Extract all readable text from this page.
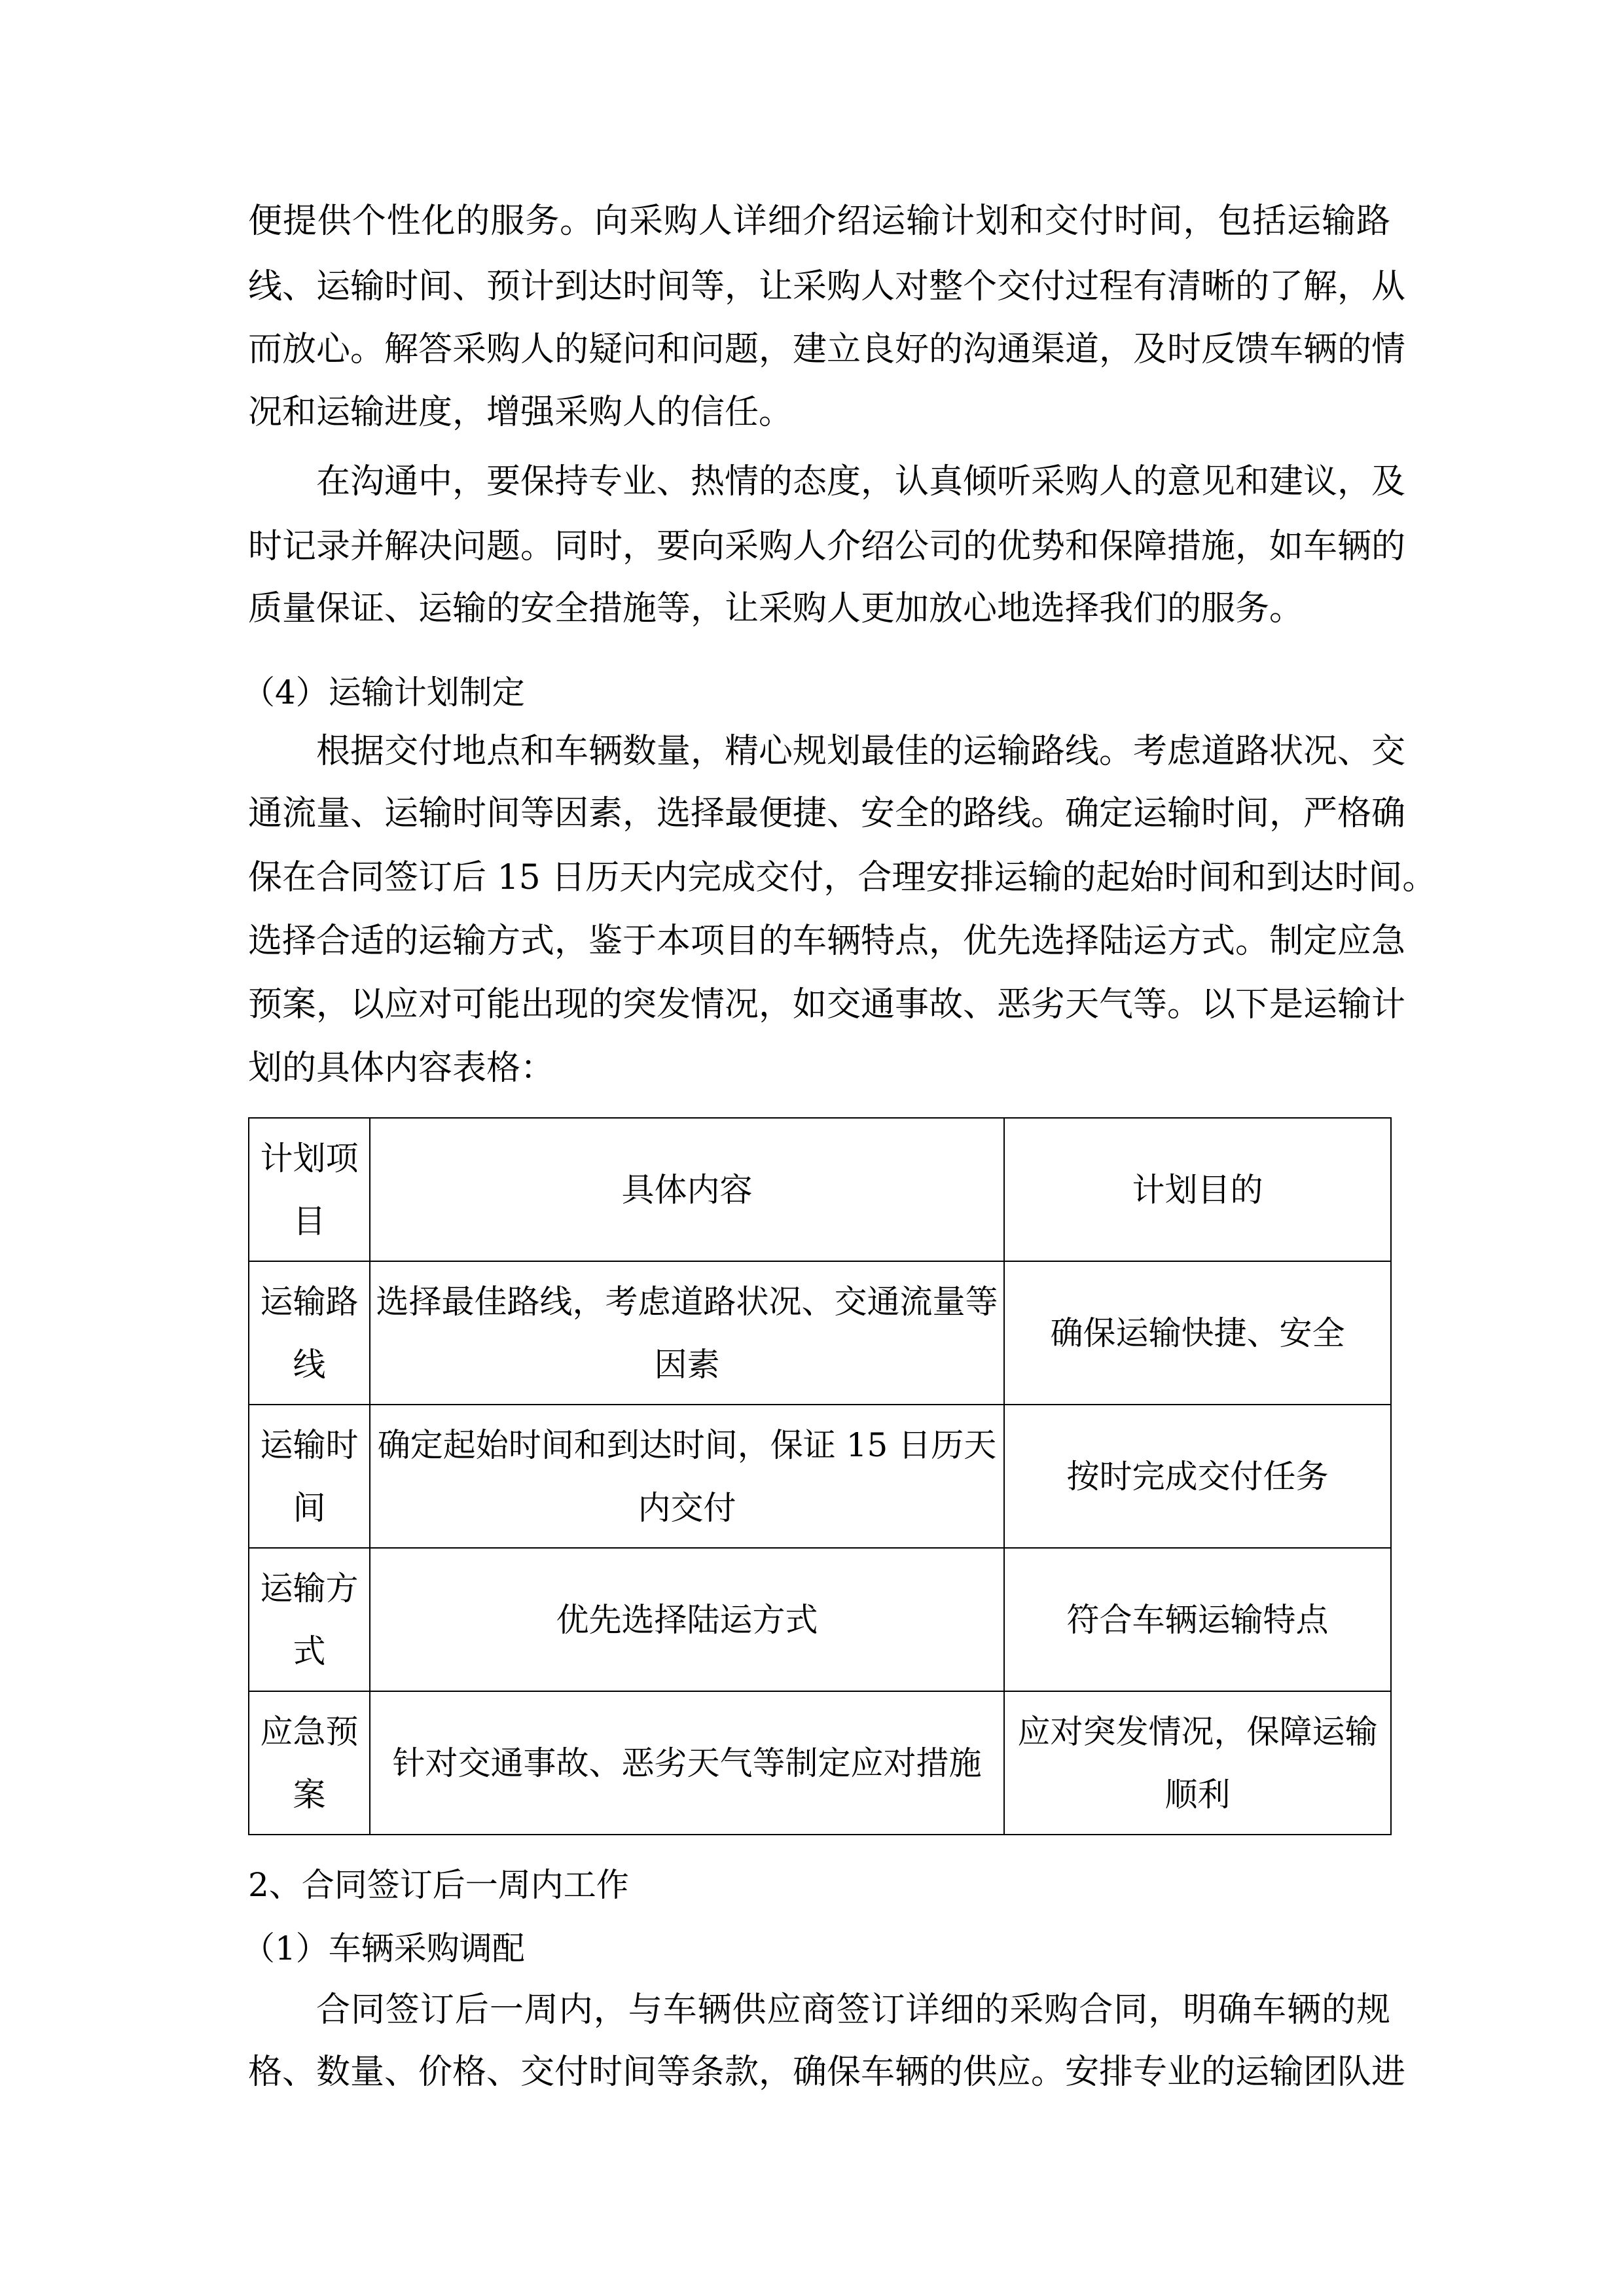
便提供个性化的服务。向采购人详细介绍运输计划和交付时间，包括运输路
线、运输时间、预计到达时间等，让采购人对整个交付过程有清晰的了解，从
而放心。解答采购人的疑问和问题，建立良好的沟通渠道，及时反馈车辆的情
况和运输进度，增强采购人的信任。
在沟通中，要保持专业、热情的态度，认真倾听采购人的意见和建议，及
时记录并解决问题。同时，要向采购人介绍公司的优势和保障措施，如车辆的
质量保证、运输的安全措施等，让采购人更加放心地选择我们的服务。
（4）运输计划制定
根据交付地点和车辆数量，精心规划最佳的运输路线。考虑道路状况、交
通流量、运输时间等因素，选择最便捷、安全的路线。确定运输时间，严格确
保在合同签订后 15 日历天内完成交付，合理安排运输的起始时间和到达时间。
选择合适的运输方式，鉴于本项目的车辆特点，优先选择陆运方式。制定应急
预案，以应对可能出现的突发情况，如交通事故、恶劣天气等。以下是运输计
划的具体内容表格：
计划项目	具体内容	计划目的
运输路线	选择最佳路线，考虑道路状况、交通流量等因素	确保运输快捷、安全
运输时间	确定起始时间和到达时间，保证 15 日历天内交付	按时完成交付任务
运输方式	优先选择陆运方式	符合车辆运输特点
应急预案	针对交通事故、恶劣天气等制定应对措施	应对突发情况，保障运输顺利
2、合同签订后一周内工作
（1）车辆采购调配
合同签订后一周内，与车辆供应商签订详细的采购合同，明确车辆的规
格、数量、价格、交付时间等条款，确保车辆的供应。安排专业的运输团队进
